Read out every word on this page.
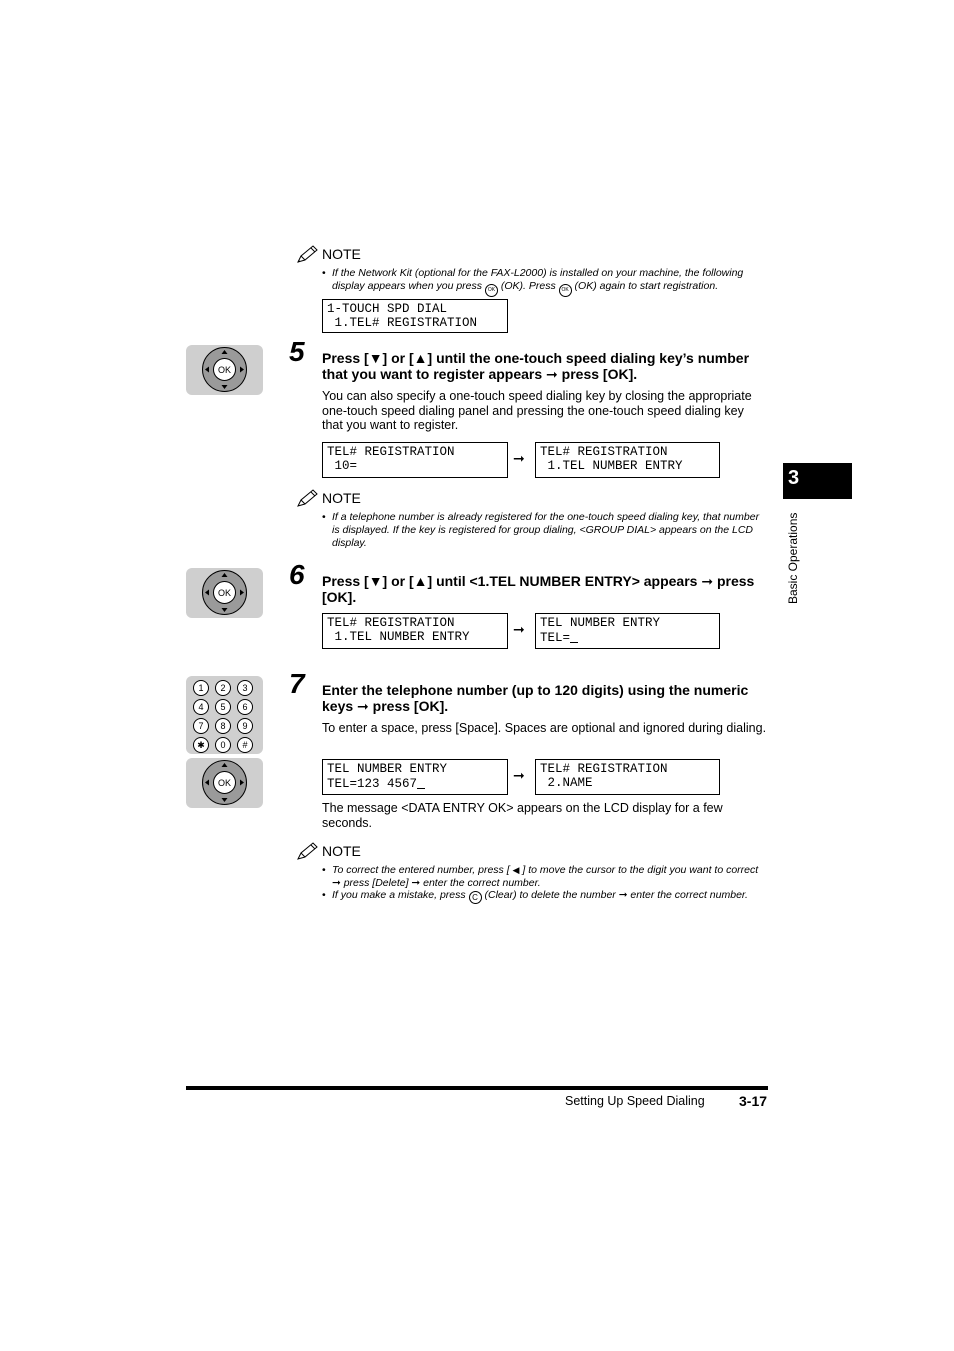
NOTE
• If the Network Kit (optional for the FAX-L2000) is installed on your machine, the following display appears when you press OK (OK). Press OK (OK) again to start registration.
1-TOUCH SPD DIAL
1.TEL# REGISTRATION
OK
5 Press [▼] or [▲] until the one-touch speed dialing key’s number that you want to register appears ➞ press [OK].
You can also specify a one-touch speed dialing key by closing the appropriate one-touch speed dialing panel and pressing the one-touch speed dialing key that you want to register.
TEL# REGISTRATION
10=	➞	TEL# REGISTRATION
1.TEL NUMBER ENTRY
NOTE
• If a telephone number is already registered for the one-touch speed dialing key, that number is displayed. If the key is registered for group dialing, <GROUP DIAL> appears on the LCD display.
OK
6 Press [▼] or [▲] until <1.TEL NUMBER ENTRY> appears ➞ press [OK].
TEL# REGISTRATION
1.TEL NUMBER ENTRY	➞	TEL NUMBER ENTRY
TEL=
1	2	3
4	5	6
7	8	9
✱	0	#
OK
7 Enter the telephone number (up to 120 digits) using the numeric keys ➞ press [OK].
To enter a space, press [Space]. Spaces are optional and ignored during dialing.
TEL NUMBER ENTRY
TEL=123 4567
➞	TEL# REGISTRATION
2.NAME
The message <DATA ENTRY OK> appears on the LCD display for a few seconds.
NOTE
• To correct the entered number, press [ ◀ ] to move the cursor to the digit you want to correct ➞ press [Delete] ➞ enter the correct number.
• If you make a mistake, press C (Clear) to delete the number ➞ enter the correct number.
3
Basic Operations
Setting Up Speed Dialing 3-17
